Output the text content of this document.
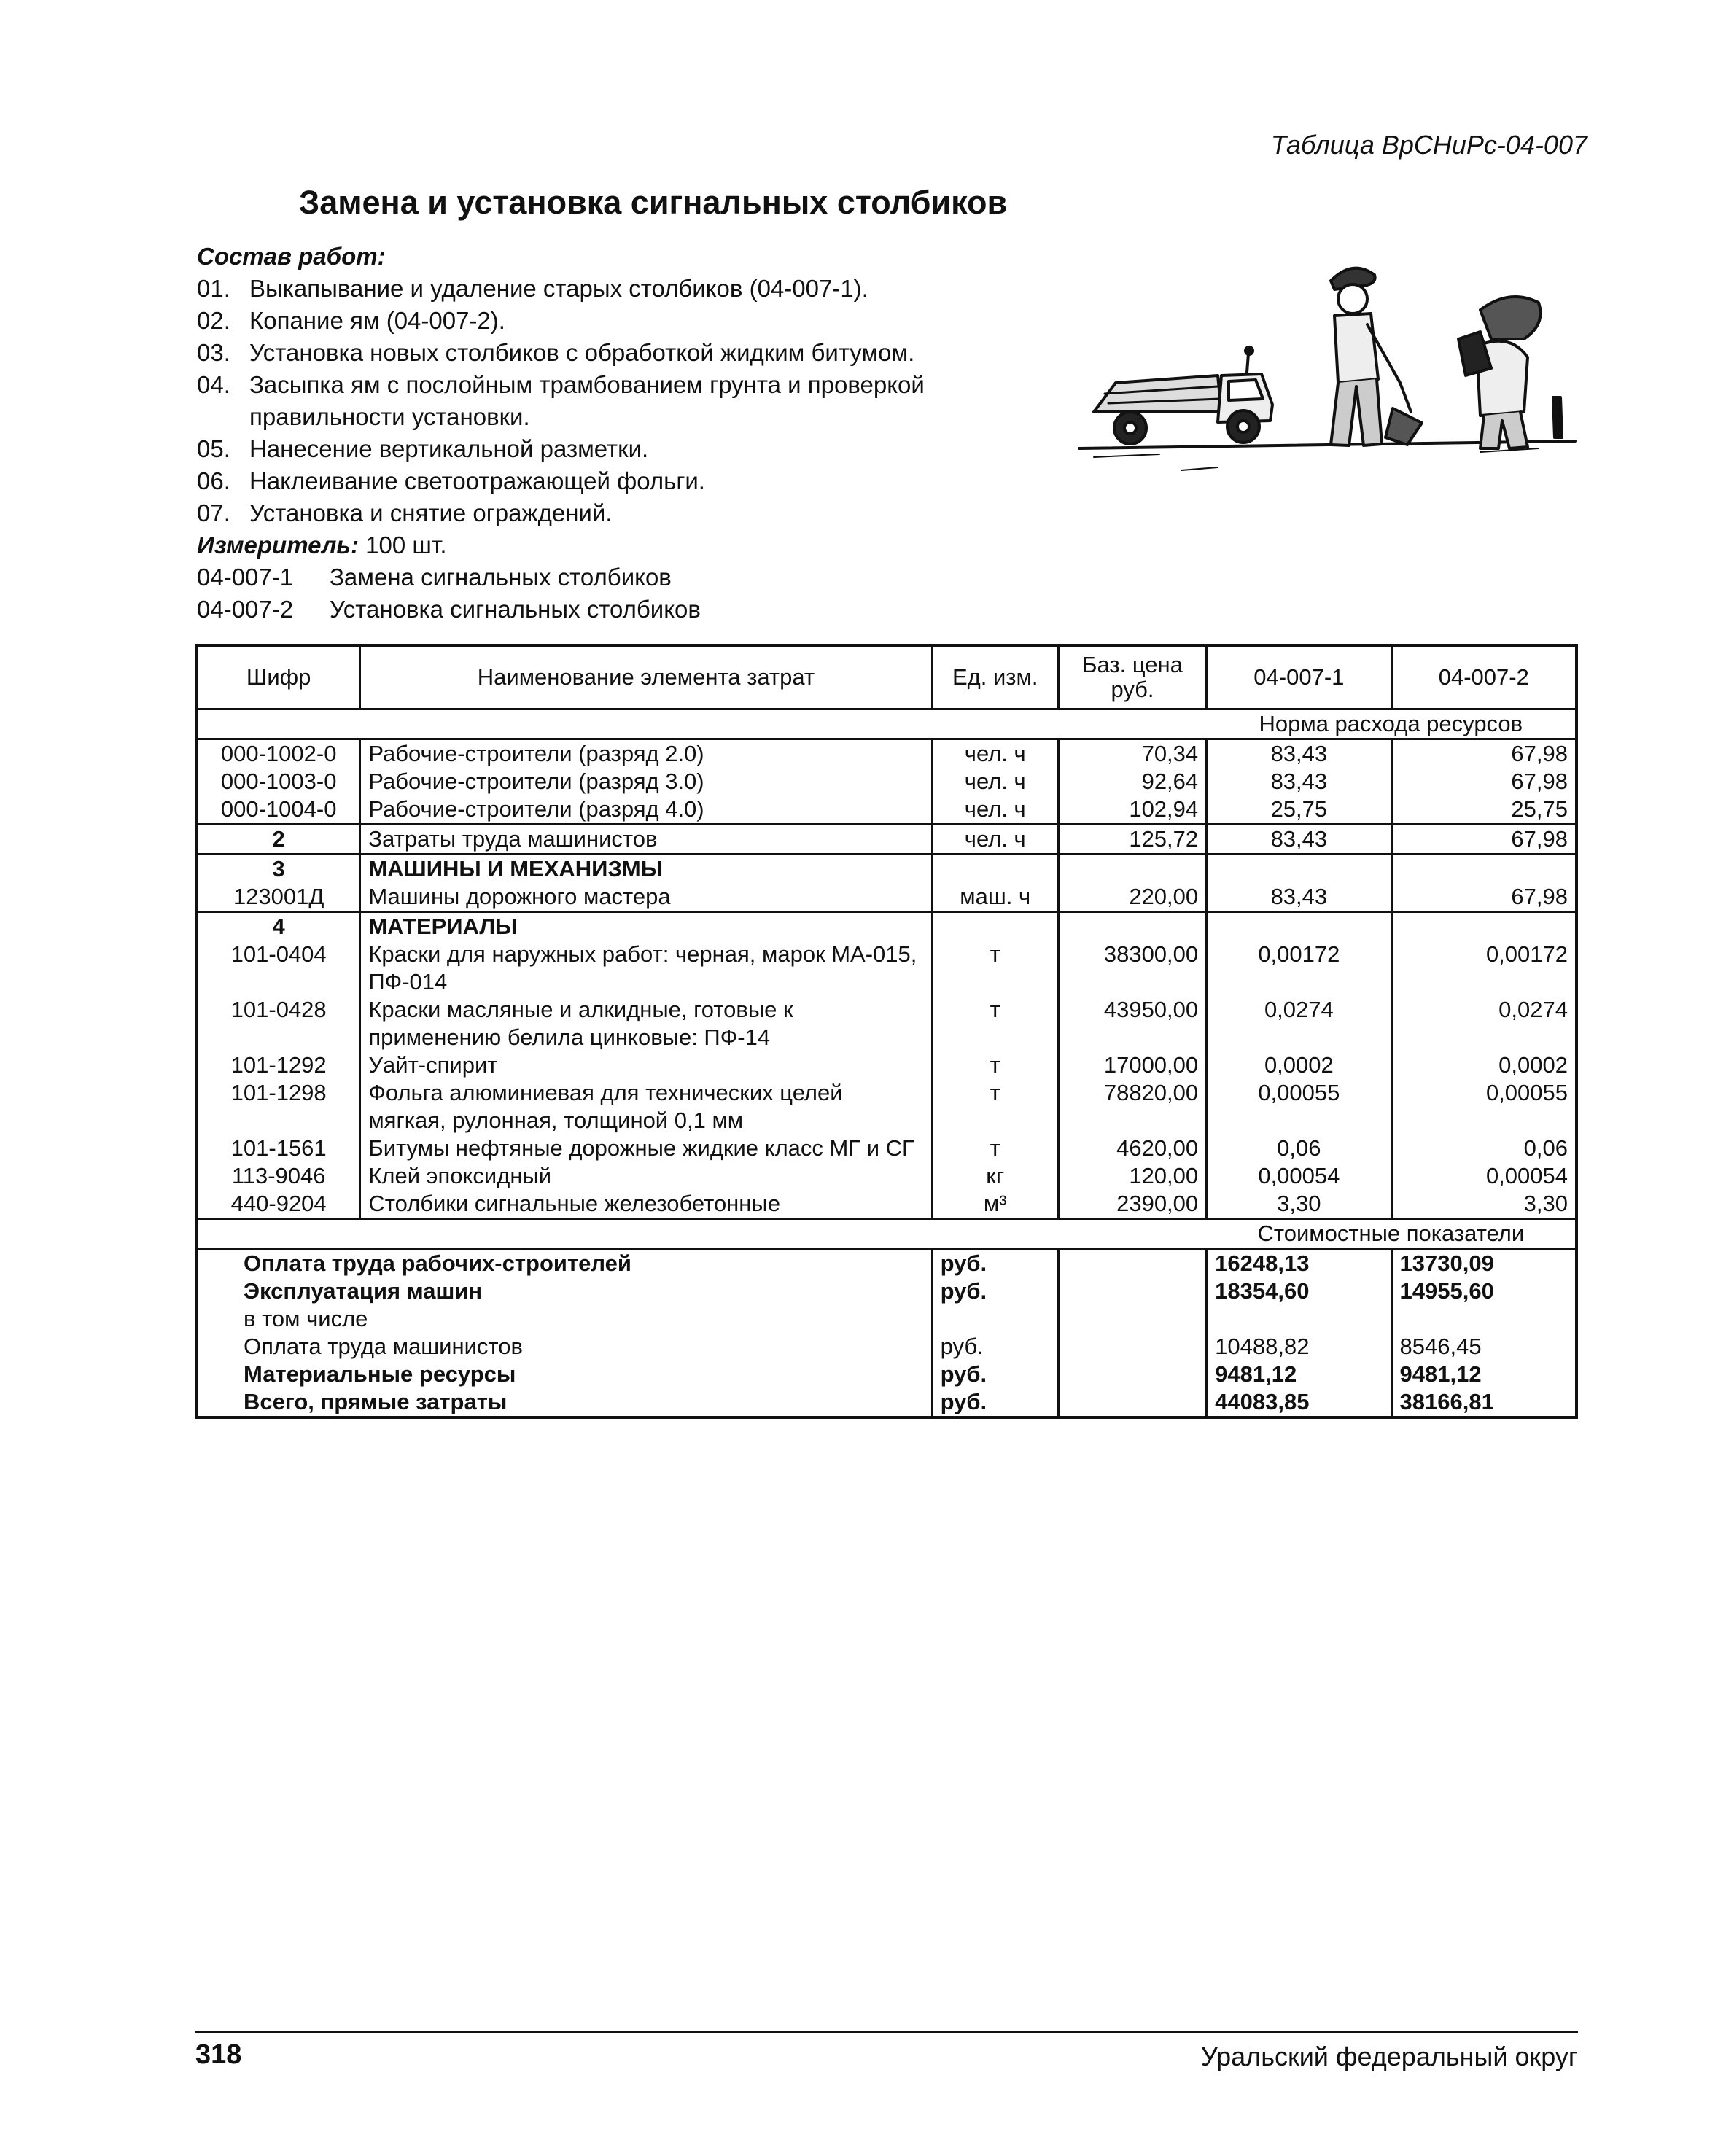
Таблица ВрСНиРс-04-007
Замена и установка сигнальных столбиков
Состав работ:
01. Выкапывание и удаление старых столбиков (04-007-1).
02. Копание ям (04-007-2).
03. Установка новых столбиков с обработкой жидким битумом.
04. Засыпка ям с послойным трамбованием грунта и проверкой правильности установки.
05. Нанесение вертикальной разметки.
06. Наклеивание светоотражающей фольги.
07. Установка и снятие ограждений.
Измеритель: 100 шт.
04-007-1	Замена сигнальных столбиков
04-007-2	Установка сигнальных столбиков
Шифр	Наименование элемента затрат	Ед. изм.	Баз. цена руб.	04-007-1	04-007-2
				Норма расхода ресурсов	
000-1002-0	Рабочие-строители (разряд 2.0)	чел. ч	70,34	83,43	67,98
000-1003-0	Рабочие-строители (разряд 3.0)	чел. ч	92,64	83,43	67,98
000-1004-0	Рабочие-строители (разряд 4.0)	чел. ч	102,94	25,75	25,75
2	Затраты труда машинистов	чел. ч	125,72	83,43	67,98
3	МАШИНЫ И МЕХАНИЗМЫ				
123001Д	Машины дорожного мастера	маш. ч	220,00	83,43	67,98
4	МАТЕРИАЛЫ				
101-0404	Краски для наружных работ: черная, марок МА-015, ПФ-014	т	38300,00	0,00172	0,00172
101-0428	Краски масляные и алкидные, готовые к применению белила цинковые: ПФ-14	т	43950,00	0,0274	0,0274
101-1292	Уайт-спирит	т	17000,00	0,0002	0,0002
101-1298	Фольга алюминиевая для технических целей мягкая, рулонная, толщиной 0,1 мм	т	78820,00	0,00055	0,00055
101-1561	Битумы нефтяные дорожные жидкие класс МГ и СГ	т	4620,00	0,06	0,06
113-9046	Клей эпоксидный	кг	120,00	0,00054	0,00054
440-9204	Столбики сигнальные железобетонные	м³	2390,00	3,30	3,30
				Стоимостные показатели	
Оплата труда рабочих-строителей		руб.		16248,13	13730,09
Эксплуатация машин		руб.		18354,60	14955,60
в том числе					
Оплата труда машинистов		руб.		10488,82	8546,45
Материальные ресурсы		руб.		9481,12	9481,12
Всего, прямые затраты		руб.		44083,85	38166,81
318	Уральский федеральный округ
